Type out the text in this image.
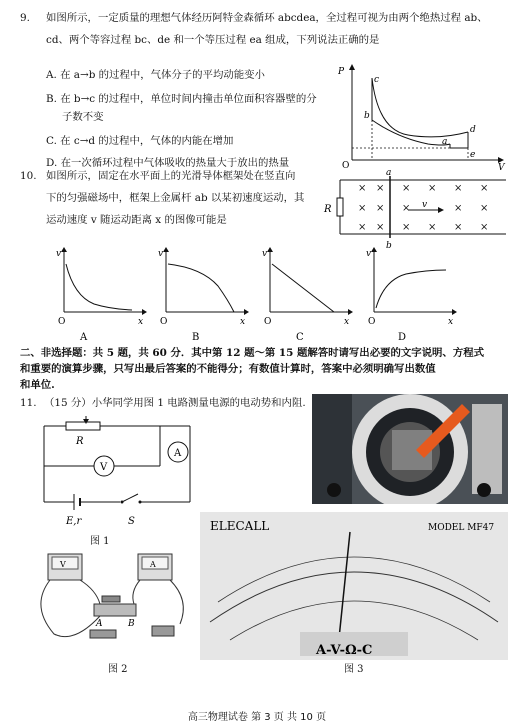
9. 如图所示，一定质量的理想气体经历阿特金森循环 abcdea，全过程可视为由两个绝热过程 ab、
cd、两个等容过程 bc、de 和一个等压过程 ea 组成，下列说法正确的是
A. 在 a→b 的过程中，气体分子的平均动能变小
B. 在 b→c 的过程中，单位时间内撞击单位面积容器壁的分
子数不变
C. 在 c→d 的过程中，气体的内能在增加
D. 在一次循环过程中气体吸收的热量大于放出的热量	O
P
V
c
b
a
d
e
10. 如图所示，固定在水平面上的光滑导体框架处在竖直向
下的匀强磁场中，框架上金属杆 ab 以某初速度运动，其
运动速度 v 随运动距离 x 的图像可能是
R
a
b
v
× × × × × ×
× × ×	× ×
× × × × × ×
v
x
O
A
v
x
O
B
v
x
O
C
v
x
O
D
二、非选择题：共 5 题，共 60 分．其中第 12 题～第 15 题解答时请写出必要的文字说明、方程式
和重要的演算步骤，只写出最后答案的不能得分；有数值计算时，答案中必须明确写出数值
和单位.
11. （15 分）小华同学用图 1 电路测量电源的电动势和内阻.
R
V
A
E,r	S
图 1
V	A
A	B
图 2
ELECALL	MODEL MF47
A-V-Ω-C
图 3
高三物理试卷 第 3 页 共 10 页
